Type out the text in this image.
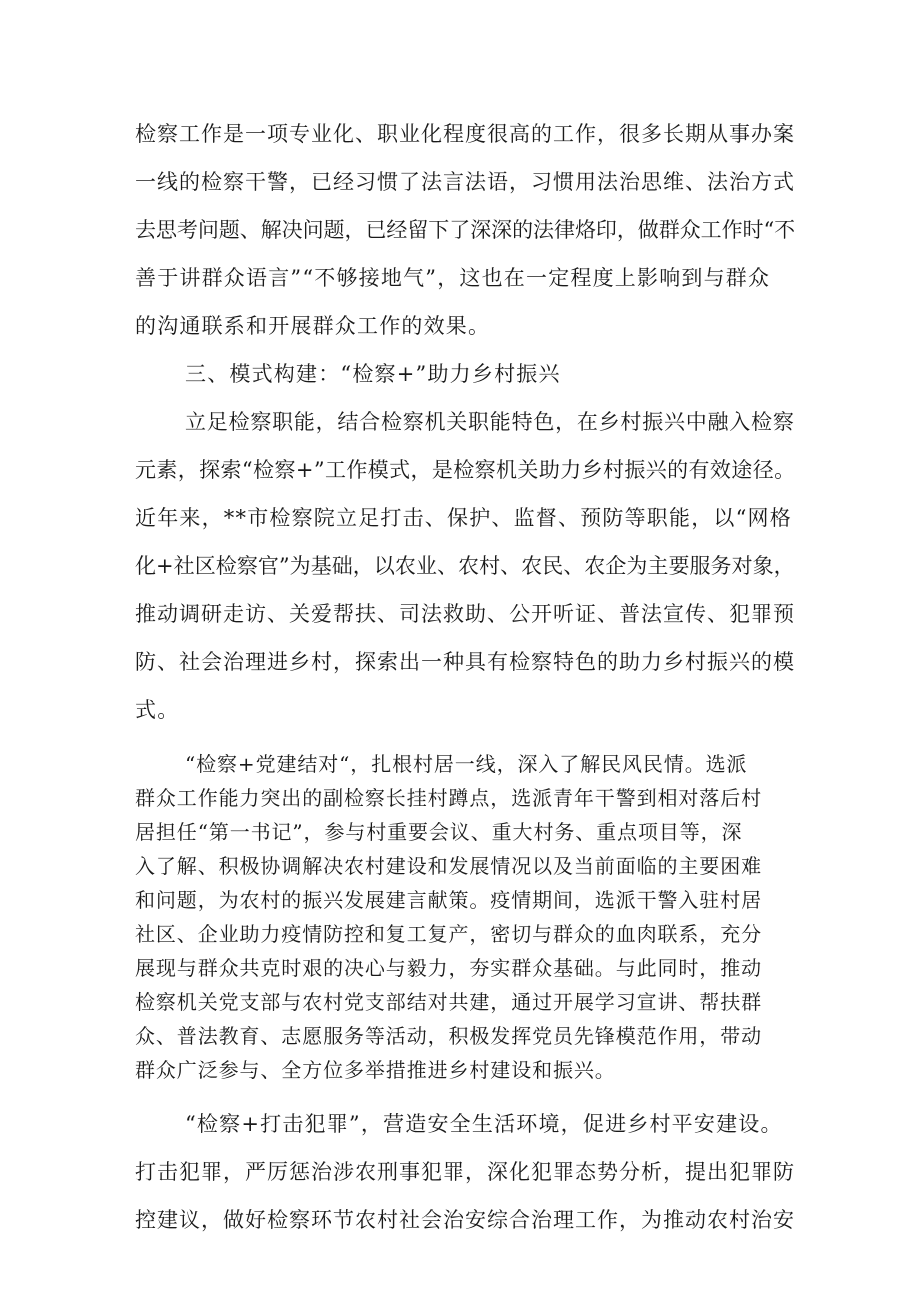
检察工作是一项专业化、职业化程度很高的工作，很多长期从事办案

一线的检察干警，已经习惯了法言法语，习惯用法治思维、法治方式

去思考问题、解决问题，已经留下了深深的法律烙印，做群众工作时“不

善于讲群众语言”“不够接地气”，这也在一定程度上影响到与群众

的沟通联系和开展群众工作的效果。

三、模式构建：“检察+”助力乡村振兴

立足检察职能，结合检察机关职能特色，在乡村振兴中融入检察

元素，探索“检察+”工作模式，是检察机关助力乡村振兴的有效途径。

近年来，**市检察院立足打击、保护、监督、预防等职能，以“网格

化+社区检察官”为基础，以农业、农村、农民、农企为主要服务对象，

推动调研走访、关爱帮扶、司法救助、公开听证、普法宣传、犯罪预

防、社会治理进乡村，探索出一种具有检察特色的助力乡村振兴的模

式。

“检察+党建结对“，扎根村居一线，深入了解民风民情。选派

群众工作能力突出的副检察长挂村蹲点，选派青年干警到相对落后村

居担任“第一书记”，参与村重要会议、重大村务、重点项目等，深

入了解、积极协调解决农村建设和发展情况以及当前面临的主要困难

和问题，为农村的振兴发展建言献策。疫情期间，选派干警入驻村居

社区、企业助力疫情防控和复工复产，密切与群众的血肉联系，充分

展现与群众共克时艰的决心与毅力，夯实群众基础。与此同时，推动

检察机关党支部与农村党支部结对共建，通过开展学习宣讲、帮扶群

众、普法教育、志愿服务等活动，积极发挥党员先锋模范作用，带动

群众广泛参与、全方位多举措推进乡村建设和振兴。

“检察+打击犯罪”，营造安全生活环境，促进乡村平安建设。

打击犯罪，严厉惩治涉农刑事犯罪，深化犯罪态势分析，提出犯罪防

控建议，做好检察环节农村社会治安综合治理工作，为推动农村治安
